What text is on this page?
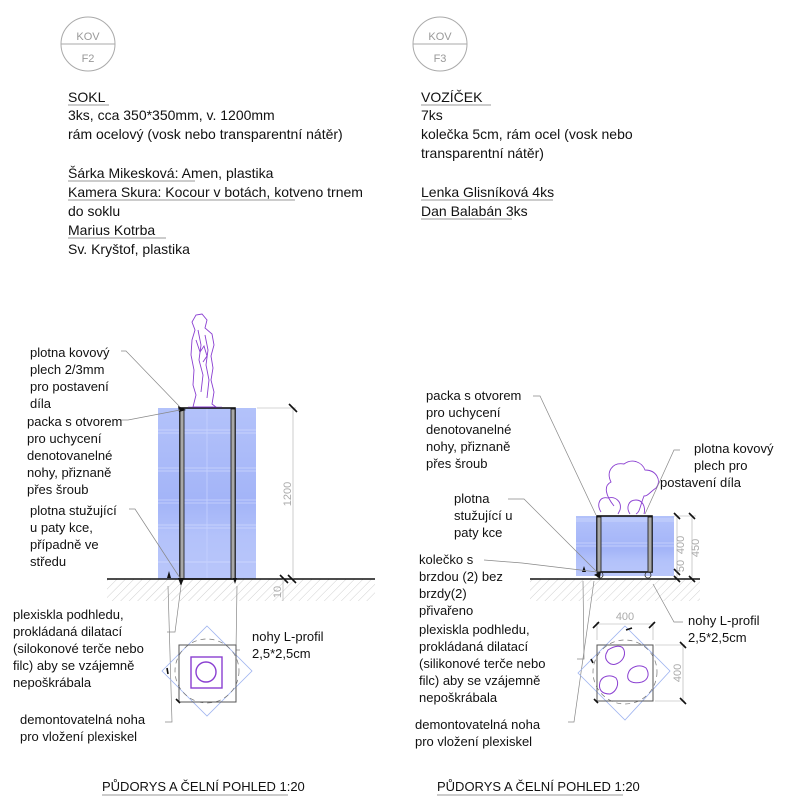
KOV
F2
KOV
F3
SOKL
3ks, cca 350*350mm, v. 1200mm
rám ocelový (vosk nebo transparentní nátěr)
Šárka Mikesková: Amen, plastika
Kamera Skura: Kocour v botách, kotveno trnem
do soklu
Marius Kotrba
Sv. Kryštof, plastika
VOZÍČEK
7ks
kolečka 5cm, rám ocel (vosk nebo
transparentní nátěr)
Lenka Glisníková 4ks
Dan Balabán 3ks
1200
10
plotna kovový plech 2/3mm pro postavení díla
packa s otvorem pro uchycení denotovanelné nohy, přiznaně přes šroub
plotna stužující u paty kce, případně ve středu
plexiskla podhledu, prokládaná dilatací (silokonové terče nebo filc) aby se vzájemně nepoškrábala
nohy L-profil 2,5*2,5cm
demontovatelná noha pro vložení plexiskel
400
50
450
packa s otvorem pro uchycení denotovanelné nohy, přiznaně přes šroub
plotna kovový plech pro postavení díla
plotna stužující u paty kce
kolečko s brzdou (2) bez brzdy(2) přivařeno
plexiskla podhledu, prokládaná dilatací (silikonové terče nebo filc) aby se vzájemně nepoškrábala
nohy L-profil 2,5*2,5cm
demontovatelná noha pro vložení plexiskel
400
400
PŮDORYS A ČELNÍ POHLED 1:20	PŮDORYS A ČELNÍ POHLED 1:20
